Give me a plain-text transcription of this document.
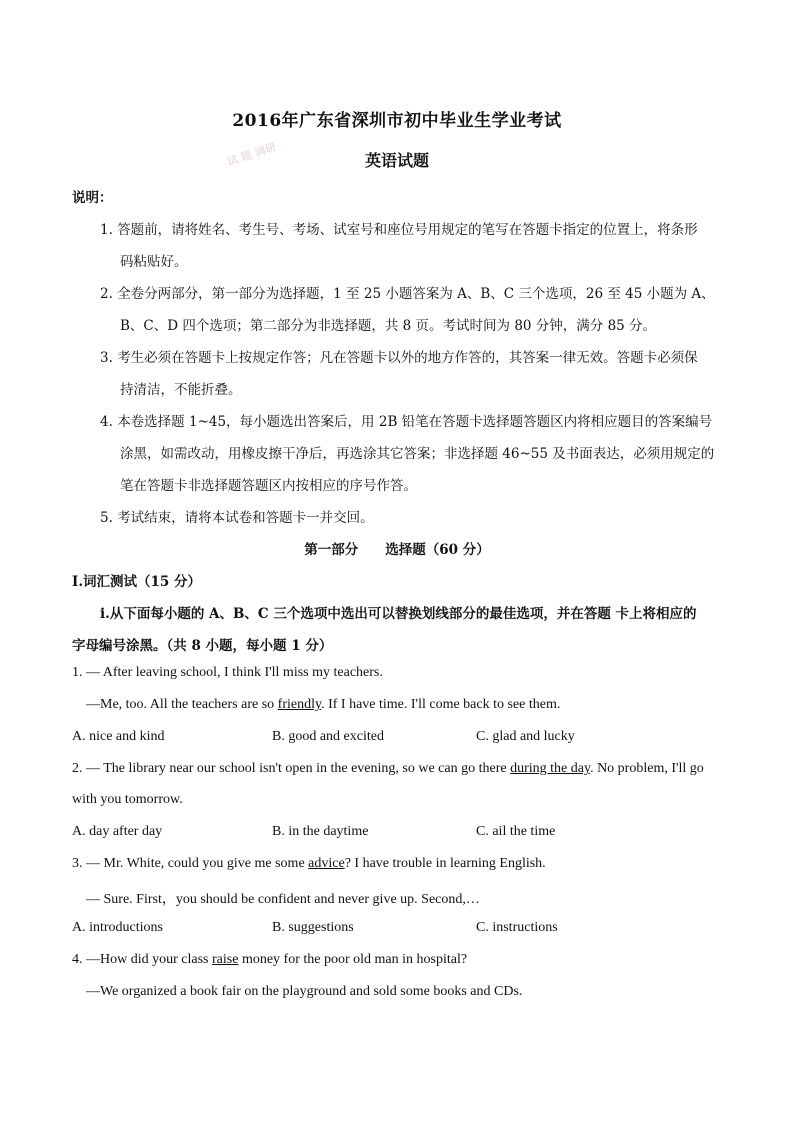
2016年广东省深圳市初中毕业生学业考试
英语试题
试 题 调研
说明：
1. 答题前，请将姓名、考生号、考场、试室号和座位号用规定的笔写在答题卡指定的位置上，将条形
码粘贴好。
2. 全卷分两部分，第一部分为选择题，1 至 25 小题答案为 A、B、C 三个选项，26 至 45 小题为 A、
B、C、D 四个选项；第二部分为非选择题，共 8 页。考试时间为 80 分钟，满分 85 分。
3. 考生必须在答题卡上按规定作答；凡在答题卡以外的地方作答的，其答案一律无效。答题卡必须保
持清洁，不能折叠。
4. 本卷选择题 1~45，每小题选出答案后，用 2B 铅笔在答题卡选择题答题区内将相应题目的答案编号
涂黑，如需改动，用橡皮擦干净后，再选涂其它答案；非选择题 46~55 及书面表达，必须用规定的
笔在答题卡非选择题答题区内按相应的序号作答。
5. 考试结束，请将本试卷和答题卡一并交回。
第一部分　　选择题（60 分）
I.词汇测试（15 分）
i.从下面每小题的 A、B、C 三个选项中选出可以替换划线部分的最佳选项，并在答题 卡上将相应的
字母编号涂黑。（共 8 小题，每小题 1 分）
1. — After leaving school, I think I'll miss my teachers.
—Me, too. All the teachers are so friendly. If I have time. I'll come back to see them.
A. nice and kind	B. good and excited	C. glad and lucky
2. — The library near our school isn't open in the evening, so we can go there during the day. No problem, I'll go
with you tomorrow.
A. day after day	B. in the daytime	C. ail the time
3. — Mr. White, could you give me some advice? I have trouble in learning English.
— Sure. First，you should be confident and never give up. Second,…
A. introductions	B. suggestions	C. instructions
4. —How did your class raise money for the poor old man in hospital?
—We organized a book fair on the playground and sold some books and CDs.
